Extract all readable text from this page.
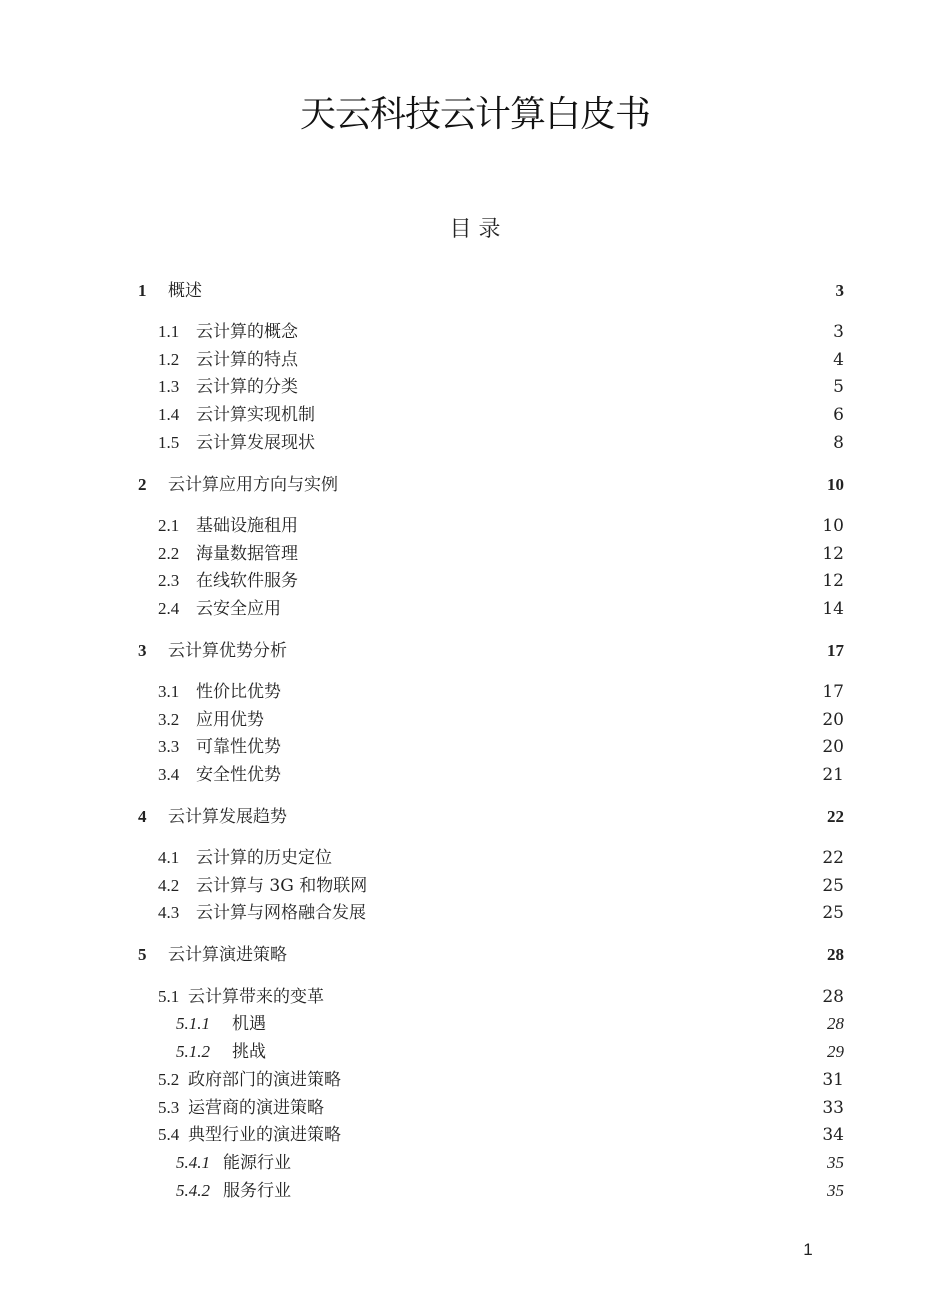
天云科技云计算白皮书
目 录
1 概述	3
1.1 云计算的概念	3
1.2 云计算的特点	4
1.3 云计算的分类	5
1.4 云计算实现机制	6
1.5 云计算发展现状	8
2 云计算应用方向与实例	10
2.1 基础设施租用	10
2.2 海量数据管理	12
2.3 在线软件服务	12
2.4 云安全应用	14
3 云计算优势分析	17
3.1 性价比优势	17
3.2 应用优势	20
3.3 可靠性优势	20
3.4 安全性优势	21
4 云计算发展趋势	22
4.1 云计算的历史定位	22
4.2 云计算与 3G 和物联网	25
4.3 云计算与网格融合发展	25
5 云计算演进策略	28
5.1 云计算带来的变革	28
5.1.1 机遇	28
5.1.2 挑战	29
5.2 政府部门的演进策略	31
5.3 运营商的演进策略	33
5.4 典型行业的演进策略	34
5.4.1 能源行业	35
5.4.2 服务行业	35
1
